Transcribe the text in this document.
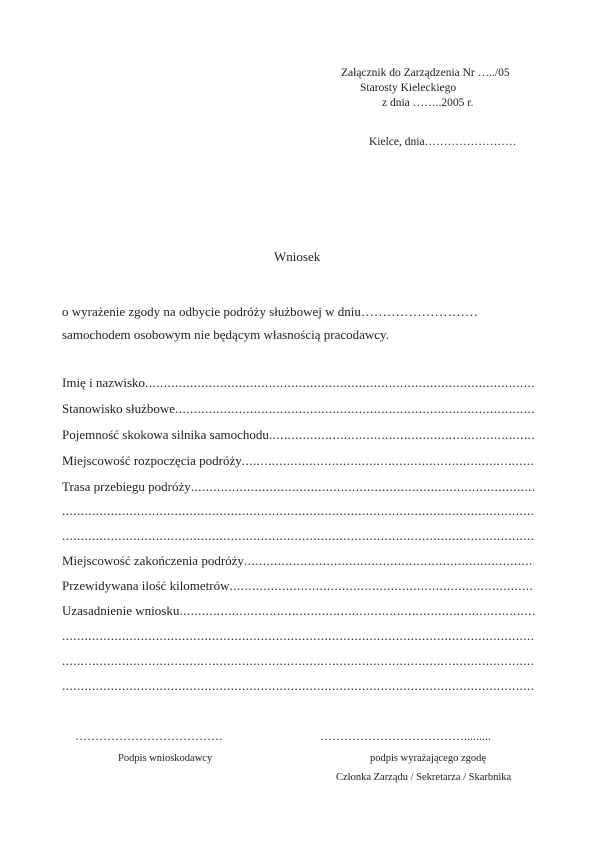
Załącznik do Zarządzenia Nr …../05
Starosty Kieleckiego
z dnia ……..2005 r.
Kielce, dnia……………………
Wniosek
o wyrażenie zgody na odbycie podróży służbowej w dniu………………………
samochodem osobowym nie będącym własnością pracodawcy.
Imię i nazwisko
.....
Stanowisko służbowe
.....
Pojemność skokowa silnika samochodu
.....
Miejscowość rozpoczęcia podróży
.....
Trasa przebiegu podróży
.....
.....
.....
Miejscowość zakończenia podróży
.....
Przewidywana ilość kilometrów
.....
Uzasadnienie wniosku
.....
.....
.....
.....
……………………………….	……………………………….........
Podpis wnioskodawcy	podpis wyrażającego zgodę
Członka Zarządu / Sekretarza / Skarbnika
